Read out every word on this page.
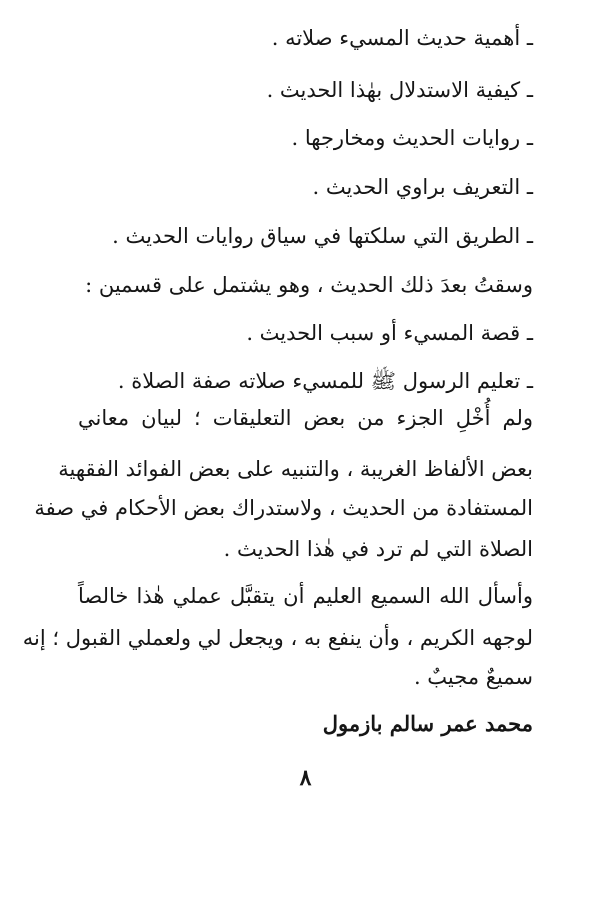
ـ أهمية حديث المسيء صلاته .
ـ كيفية الاستدلال بهٰذا الحديث .
ـ روايات الحديث ومخارجها .
ـ التعريف براوي الحديث .
ـ الطريق التي سلكتها في سياق روايات الحديث .
وسقتُ بعدَ ذلك الحديث ، وهو يشتمل على قسمين :
ـ قصة المسيء أو سبب الحديث .
ـ تعليم الرسول ﷺ للمسيء صلاته صفة الصلاة .
ولم أُخْلِ الجزء من بعض التعليقات ؛ لبيان معاني
بعض الألفاظ الغريبة ، والتنبيه على بعض الفوائد الفقهية
المستفادة من الحديث ، ولاستدراك بعض الأحكام في صفة
الصلاة التي لم ترد في هٰذا الحديث .
وأسأل الله السميع العليم أن يتقبَّل عملي هٰذا خالصاً
لوجهه الكريم ، وأن ينفع به ، ويجعل لي ولعملي القبول ؛ إنه
سميعٌ مجيبٌ .
محمد عمر سالم بازمول
٨
